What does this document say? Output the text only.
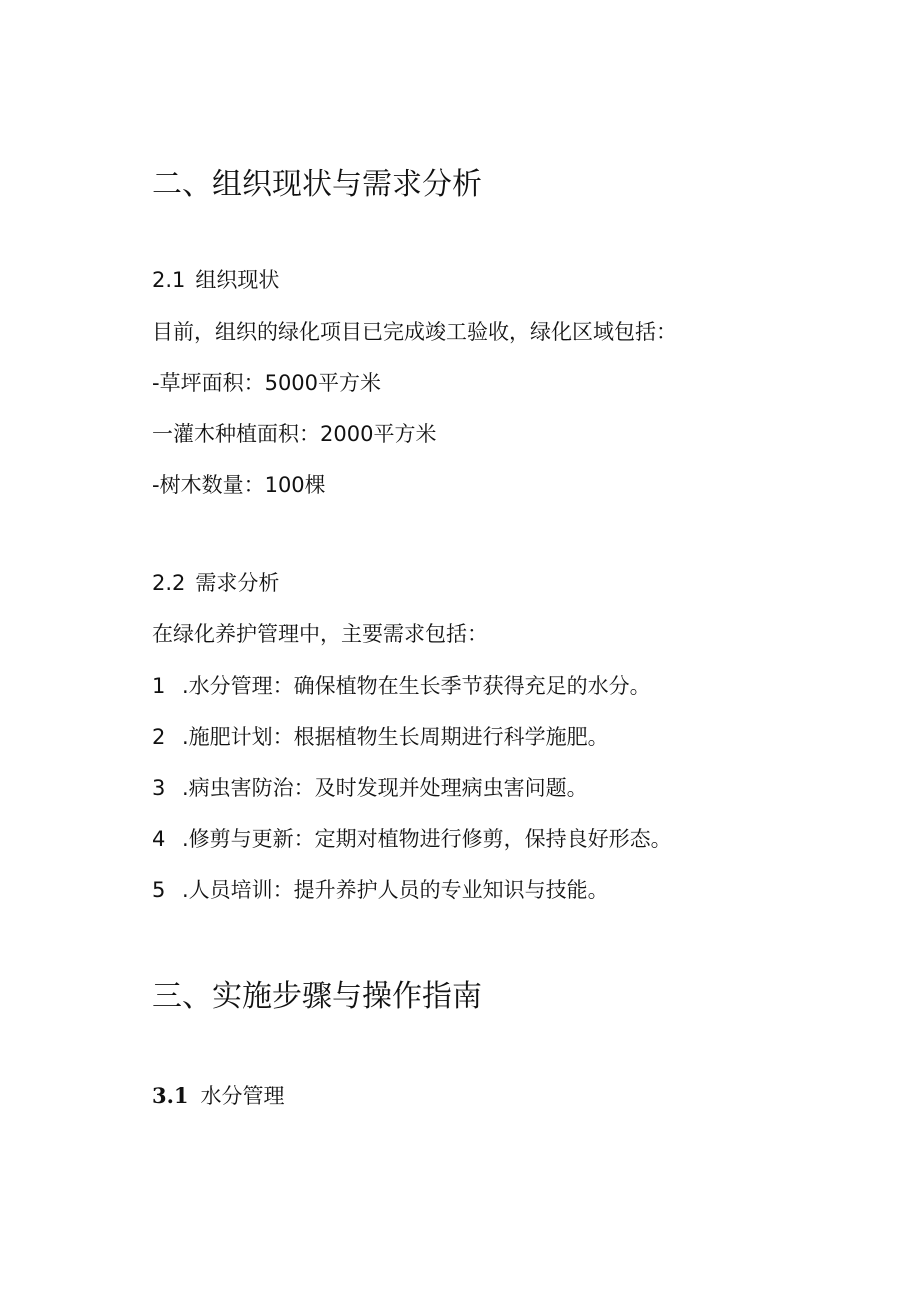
二、组织现状与需求分析
2.1 组织现状
目前，组织的绿化项目已完成竣工验收，绿化区域包括：
-草坪面积：5000平方米
一灌木种植面积：2000平方米
-树木数量：100棵
2.2 需求分析
在绿化养护管理中，主要需求包括：
1 .水分管理：确保植物在生长季节获得充足的水分。
2 .施肥计划：根据植物生长周期进行科学施肥。
3 .病虫害防治：及时发现并处理病虫害问题。
4 .修剪与更新：定期对植物进行修剪，保持良好形态。
5 .人员培训：提升养护人员的专业知识与技能。
三、实施步骤与操作指南
3.1 水分管理
